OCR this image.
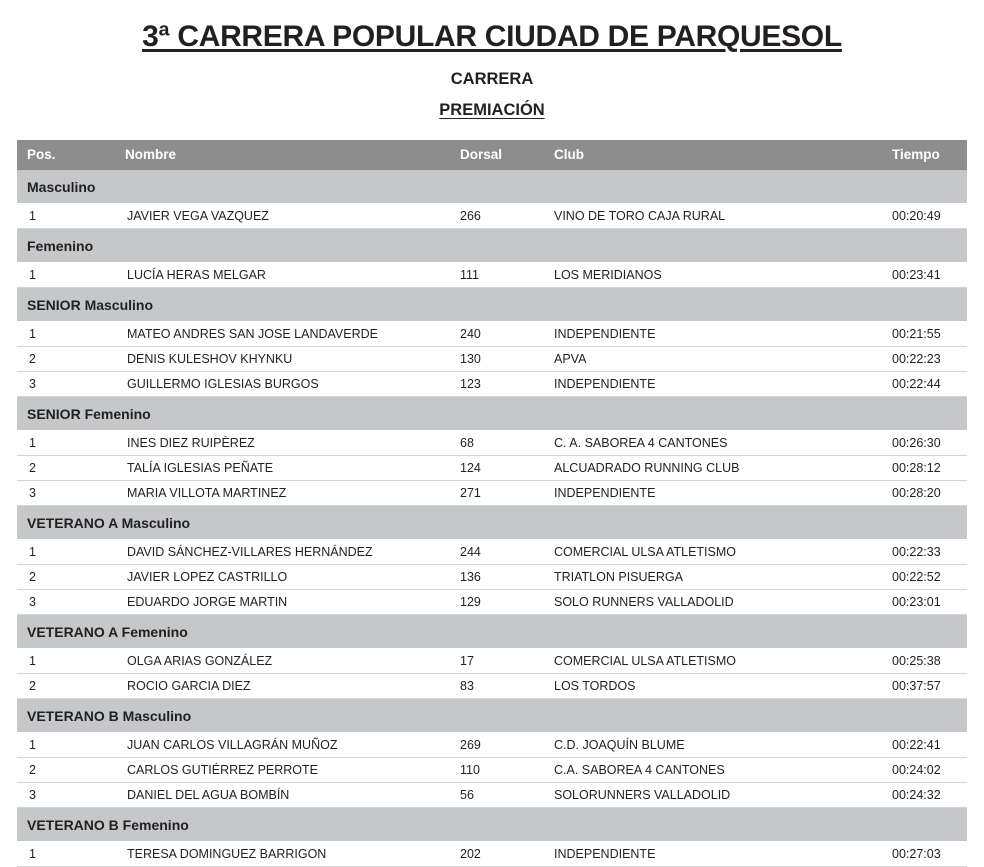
3ª CARRERA POPULAR CIUDAD DE PARQUESOL
CARRERA
PREMIACIÓN
Pos.	Nombre	Dorsal	Club	Tiempo
Masculino				
1	JAVIER VEGA VAZQUEZ	266	VINO DE TORO CAJA RURAL	00:20:49
Femenino				
1	LUCÍA HERAS MELGAR	111	LOS MERIDIANOS	00:23:41
SENIOR Masculino				
1	MATEO ANDRES SAN JOSE LANDAVERDE	240	INDEPENDIENTE	00:21:55
2	DENIS KULESHOV KHYNKU	130	APVA	00:22:23
3	GUILLERMO IGLESIAS BURGOS	123	INDEPENDIENTE	00:22:44
SENIOR Femenino				
1	INES DIEZ RUIPÈREZ	68	C. A. SABOREA 4 CANTONES	00:26:30
2	TALÍA IGLESIAS PEÑATE	124	ALCUADRADO RUNNING CLUB	00:28:12
3	MARIA VILLOTA MARTINEZ	271	INDEPENDIENTE	00:28:20
VETERANO A Masculino				
1	DAVID SÁNCHEZ-VILLARES HERNÁNDEZ	244	COMERCIAL ULSA ATLETISMO	00:22:33
2	JAVIER LOPEZ CASTRILLO	136	TRIATLON PISUERGA	00:22:52
3	EDUARDO JORGE MARTIN	129	SOLO RUNNERS VALLADOLID	00:23:01
VETERANO A Femenino				
1	OLGA ARIAS GONZÁLEZ	17	COMERCIAL ULSA ATLETISMO	00:25:38
2	ROCIO GARCIA DIEZ	83	LOS TORDOS	00:37:57
VETERANO B Masculino				
1	JUAN CARLOS VILLAGRÁN MUÑOZ	269	C.D. JOAQUÍN BLUME	00:22:41
2	CARLOS GUTIÉRREZ PERROTE	110	C.A. SABOREA 4 CANTONES	00:24:02
3	DANIEL DEL AGUA BOMBÍN	56	SOLORUNNERS VALLADOLID	00:24:32
VETERANO B Femenino				
1	TERESA DOMINGUEZ BARRIGON	202	INDEPENDIENTE	00:27:03
